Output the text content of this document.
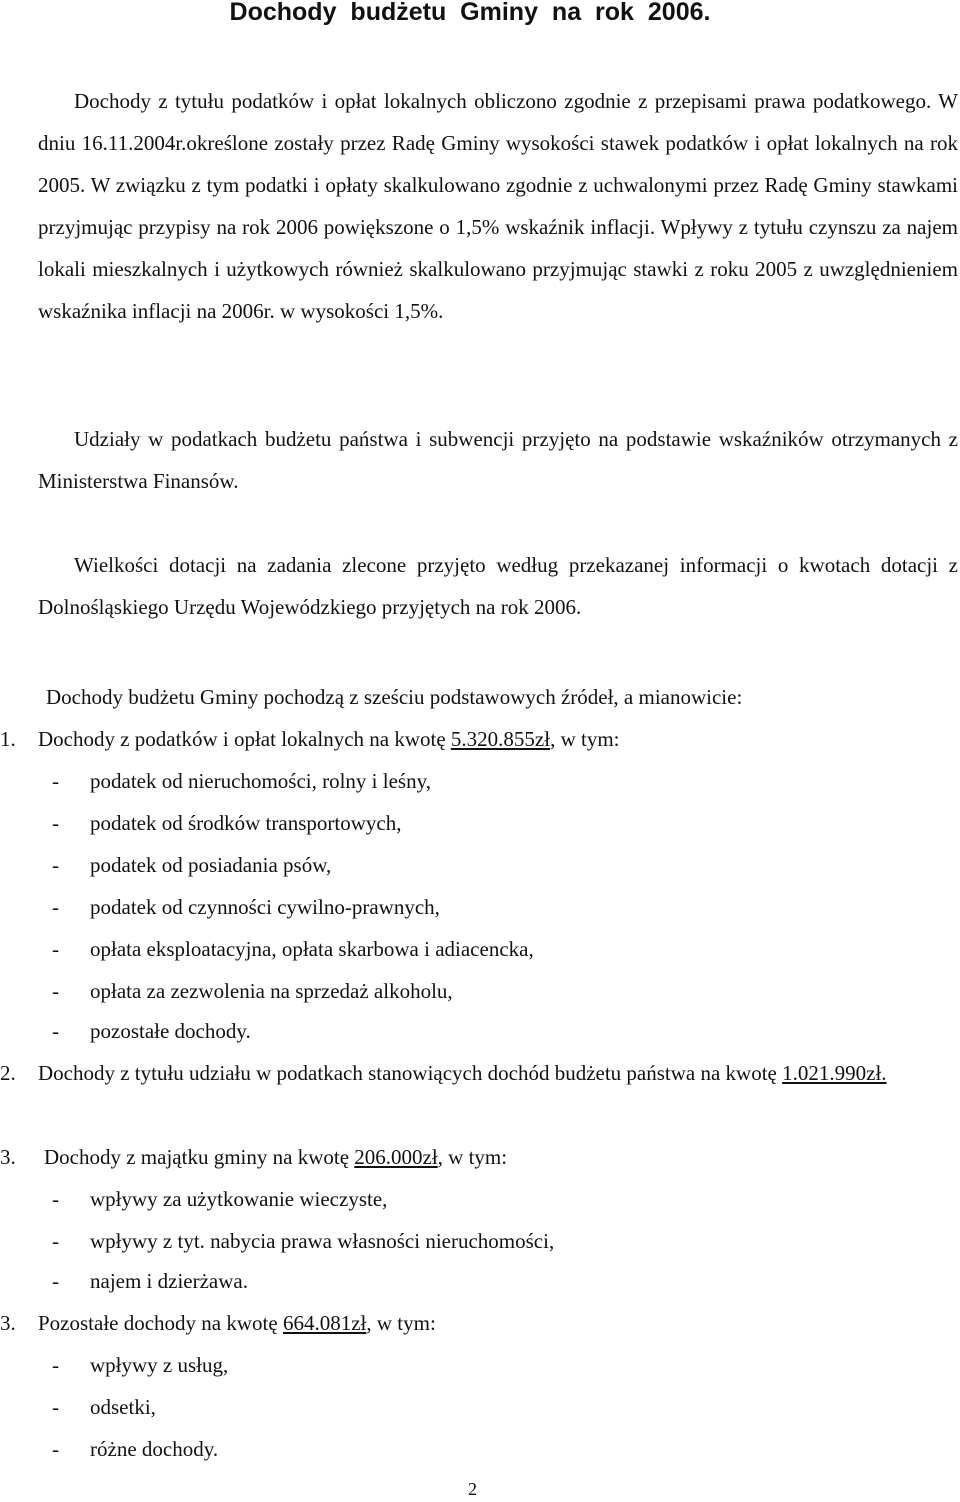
Dochody budżetu Gminy na rok 2006.

Dochody z tytułu podatków i opłat lokalnych obliczono zgodnie z przepisami prawa podatkowego. W dniu 16.11.2004r.określone zostały przez Radę Gminy wysokości stawek podatków i opłat lokalnych na rok 2005. W związku z tym podatki i opłaty skalkulowano zgodnie z uchwalonymi przez Radę Gminy stawkami przyjmując przypisy na rok 2006 powiększone o 1,5% wskaźnik inflacji. Wpływy z tytułu czynszu za najem lokali mieszkalnych i użytkowych również skalkulowano przyjmując stawki z roku 2005 z uwzględnieniem wskaźnika inflacji na 2006r. w wysokości 1,5%.

Udziały w podatkach budżetu państwa i subwencji przyjęto na podstawie wskaźników otrzymanych z Ministerstwa Finansów.

Wielkości dotacji na zadania zlecone przyjęto według przekazanej informacji o kwotach dotacji z Dolnośląskiego Urzędu Wojewódzkiego przyjętych na rok 2006.

Dochody budżetu Gminy pochodzą z sześciu podstawowych źródeł, a mianowicie:

1. Dochody z podatków i opłat lokalnych na kwotę 5.320.855zł, w tym:
- podatek od nieruchomości, rolny i leśny,
- podatek od środków transportowych,
- podatek od posiadania psów,
- podatek od czynności cywilno-prawnych,
- opłata eksploatacyjna, opłata skarbowa i adiacencka,
- opłata za zezwolenia na sprzedaż alkoholu,
- pozostałe dochody.
2. Dochody z tytułu udziału w podatkach stanowiących dochód budżetu państwa na kwotę 1.021.990zł.
3. Dochody z majątku gminy na kwotę 206.000zł, w tym:
- wpływy za użytkowanie wieczyste,
- wpływy z tyt. nabycia prawa własności nieruchomości,
- najem i dzierżawa.
3. Pozostałe dochody na kwotę 664.081zł, w tym:
- wpływy z usług,
- odsetki,
- różne dochody.
2
